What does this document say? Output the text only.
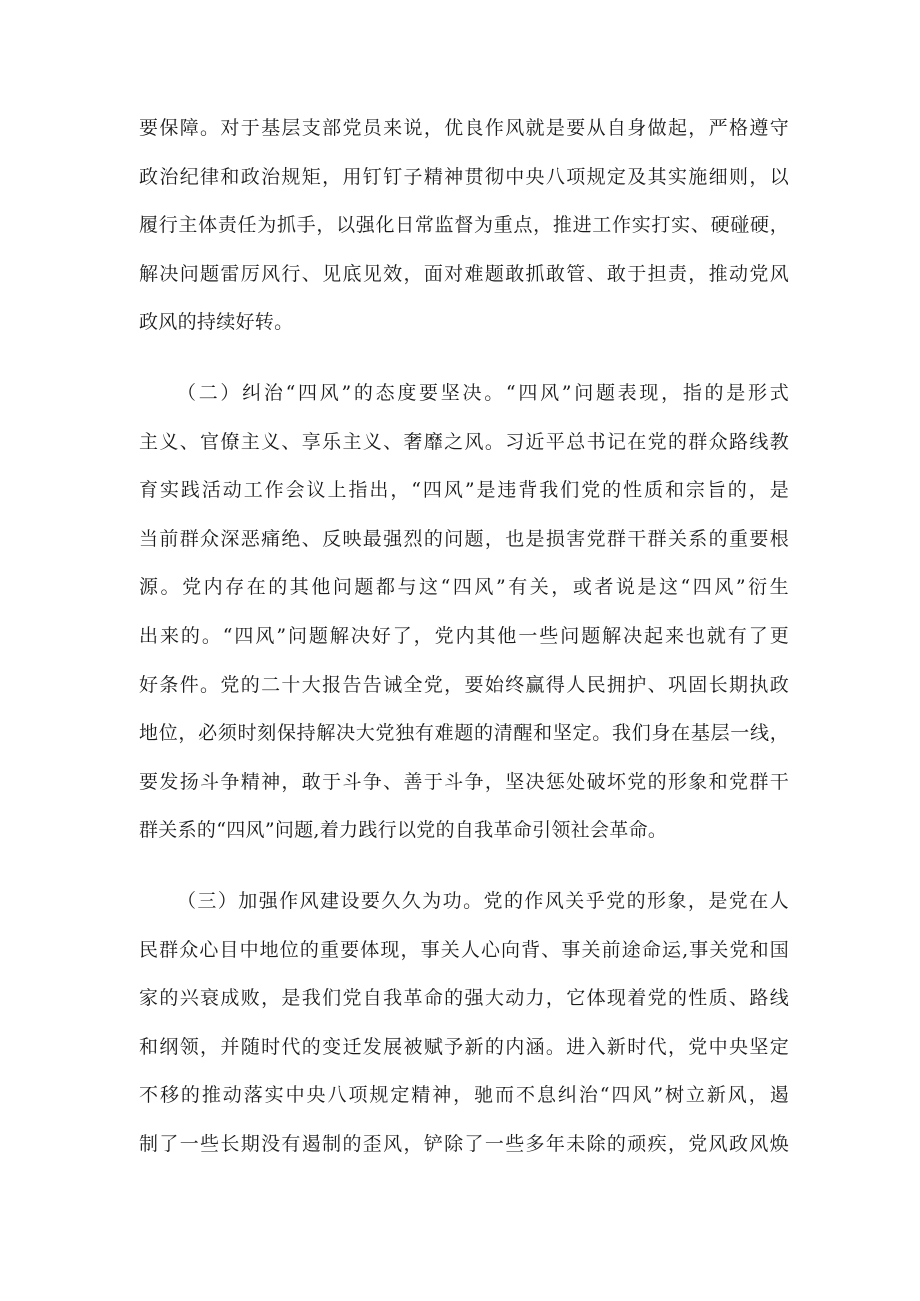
要保障。对于基层支部党员来说，优良作风就是要从自身做起，严格遵守
政治纪律和政治规矩，用钉钉子精神贯彻中央八项规定及其实施细则，以
履行主体责任为抓手，以强化日常监督为重点，推进工作实打实、硬碰硬，
解决问题雷厉风行、见底见效，面对难题敢抓敢管、敢于担责，推动党风
政风的持续好转。
（二）纠治“四风”的态度要坚决。“四风”问题表现，指的是形式
主义、官僚主义、享乐主义、奢靡之风。习近平总书记在党的群众路线教
育实践活动工作会议上指出，“四风”是违背我们党的性质和宗旨的，是
当前群众深恶痛绝、反映最强烈的问题，也是损害党群干群关系的重要根
源。党内存在的其他问题都与这“四风”有关，或者说是这“四风”衍生
出来的。“四风”问题解决好了，党内其他一些问题解决起来也就有了更
好条件。党的二十大报告告诫全党，要始终赢得人民拥护、巩固长期执政
地位，必须时刻保持解决大党独有难题的清醒和坚定。我们身在基层一线，
要发扬斗争精神，敢于斗争、善于斗争，坚决惩处破坏党的形象和党群干
群关系的“四风”问题,着力践行以党的自我革命引领社会革命。
（三）加强作风建设要久久为功。党的作风关乎党的形象，是党在人
民群众心目中地位的重要体现，事关人心向背、事关前途命运,事关党和国
家的兴衰成败，是我们党自我革命的强大动力，它体现着党的性质、路线
和纲领，并随时代的变迁发展被赋予新的内涵。进入新时代，党中央坚定
不移的推动落实中央八项规定精神，驰而不息纠治“四风”树立新风，遏
制了一些长期没有遏制的歪风，铲除了一些多年未除的顽疾，党风政风焕
